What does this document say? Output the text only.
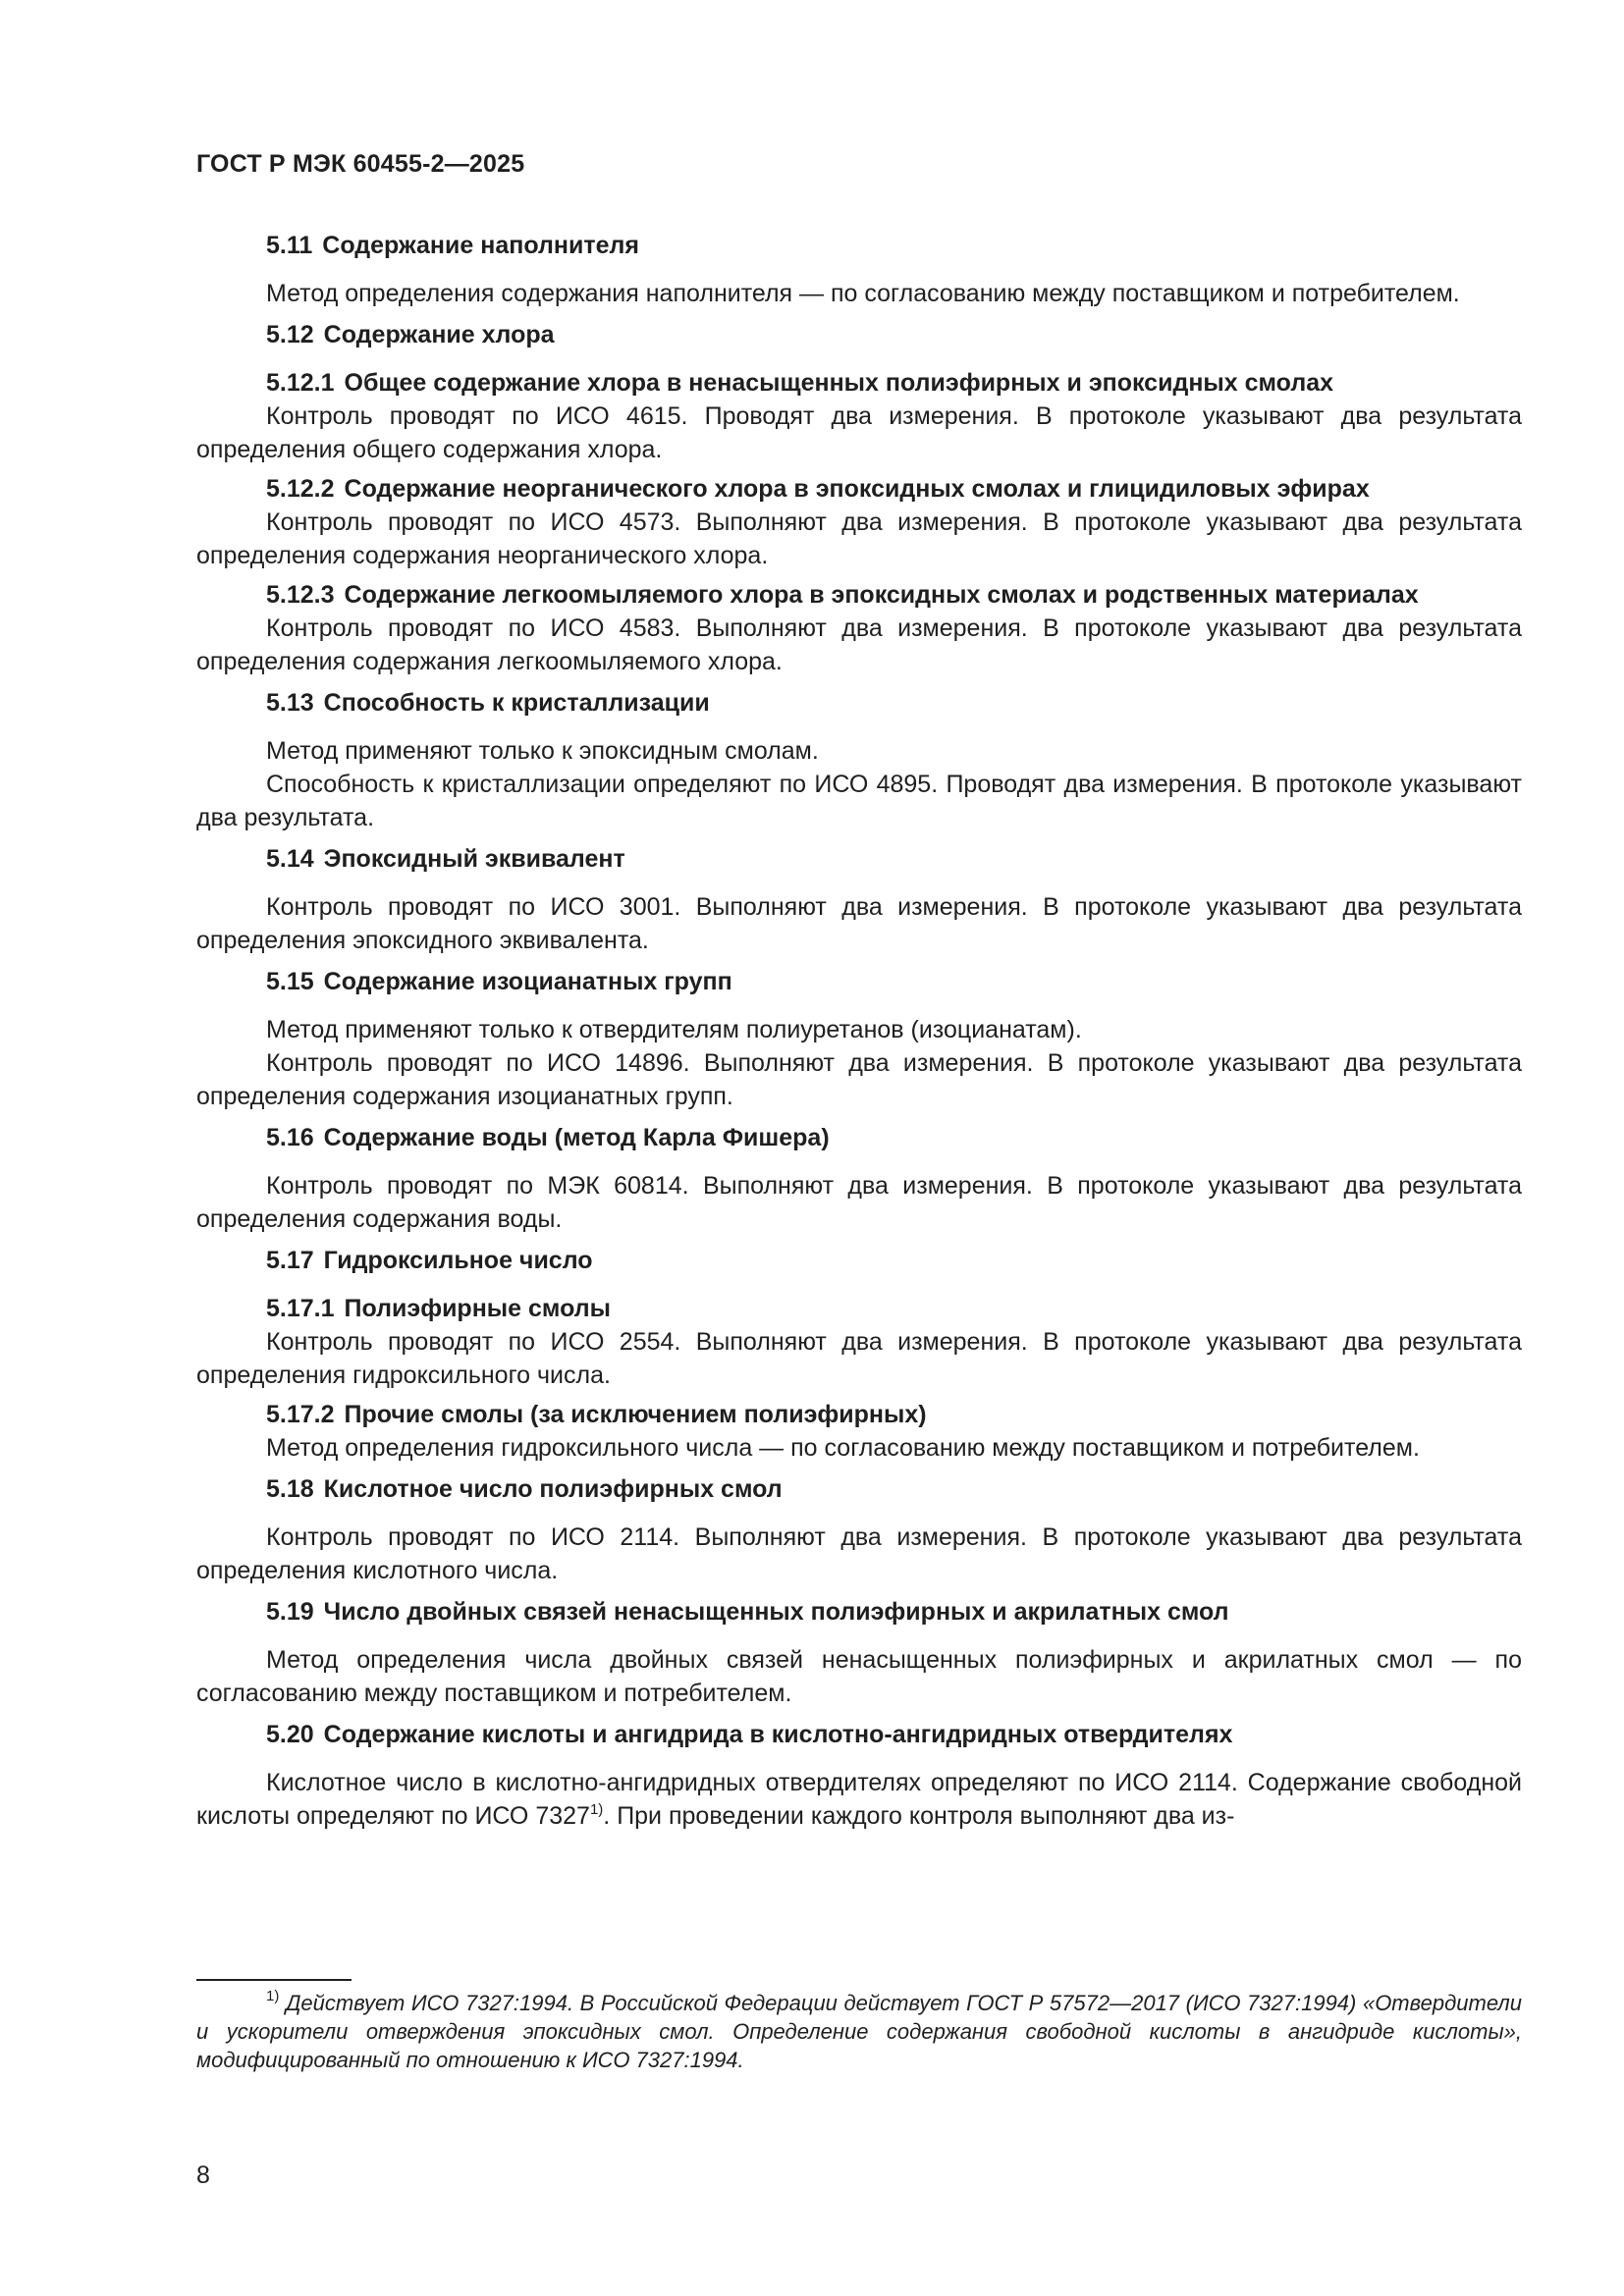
ГОСТ Р МЭК 60455-2—2025
5.11 Содержание наполнителя

Метод определения содержания наполнителя — по согласованию между поставщиком и потребителем.

5.12 Содержание хлора
5.12.1 Общее содержание хлора в ненасыщенных полиэфирных и эпоксидных смолах

Контроль проводят по ИСО 4615. Проводят два измерения. В протоколе указывают два результата определения общего содержания хлора.

5.12.2 Содержание неорганического хлора в эпоксидных смолах и глицидиловых эфирах

Контроль проводят по ИСО 4573. Выполняют два измерения. В протоколе указывают два результата определения содержания неорганического хлора.

5.12.3 Содержание легкоомыляемого хлора в эпоксидных смолах и родственных материалах

Контроль проводят по ИСО 4583. Выполняют два измерения. В протоколе указывают два результата определения содержания легкоомыляемого хлора.

5.13 Способность к кристаллизации

Метод применяют только к эпоксидным смолам.

Способность к кристаллизации определяют по ИСО 4895. Проводят два измерения. В протоколе указывают два результата.

5.14 Эпоксидный эквивалент

Контроль проводят по ИСО 3001. Выполняют два измерения. В протоколе указывают два результата определения эпоксидного эквивалента.

5.15 Содержание изоцианатных групп

Метод применяют только к отвердителям полиуретанов (изоцианатам).

Контроль проводят по ИСО 14896. Выполняют два измерения. В протоколе указывают два результата определения содержания изоцианатных групп.

5.16 Содержание воды (метод Карла Фишера)

Контроль проводят по МЭК 60814. Выполняют два измерения. В протоколе указывают два результата определения содержания воды.

5.17 Гидроксильное число
5.17.1 Полиэфирные смолы

Контроль проводят по ИСО 2554. Выполняют два измерения. В протоколе указывают два результата определения гидроксильного числа.

5.17.2 Прочие смолы (за исключением полиэфирных)

Метод определения гидроксильного числа — по согласованию между поставщиком и потребителем.

5.18 Кислотное число полиэфирных смол

Контроль проводят по ИСО 2114. Выполняют два измерения. В протоколе указывают два результата определения кислотного числа.

5.19 Число двойных связей ненасыщенных полиэфирных и акрилатных смол

Метод определения числа двойных связей ненасыщенных полиэфирных и акрилатных смол — по согласованию между поставщиком и потребителем.

5.20 Содержание кислоты и ангидрида в кислотно-ангидридных отвердителях

Кислотное число в кислотно-ангидридных отвердителях определяют по ИСО 2114. Содержание свободной кислоты определяют по ИСО 7327$^{1)}$. При проведении каждого контроля выполняют два из-

$^{1)}$ Действует ИСО 7327:1994. В Российской Федерации действует ГОСТ Р 57572—2017 (ИСО 7327:1994) «Отвердители и ускорители отверждения эпоксидных смол. Определение содержания свободной кислоты в ангидриде кислоты», модифицированный по отношению к ИСО 7327:1994.
8
